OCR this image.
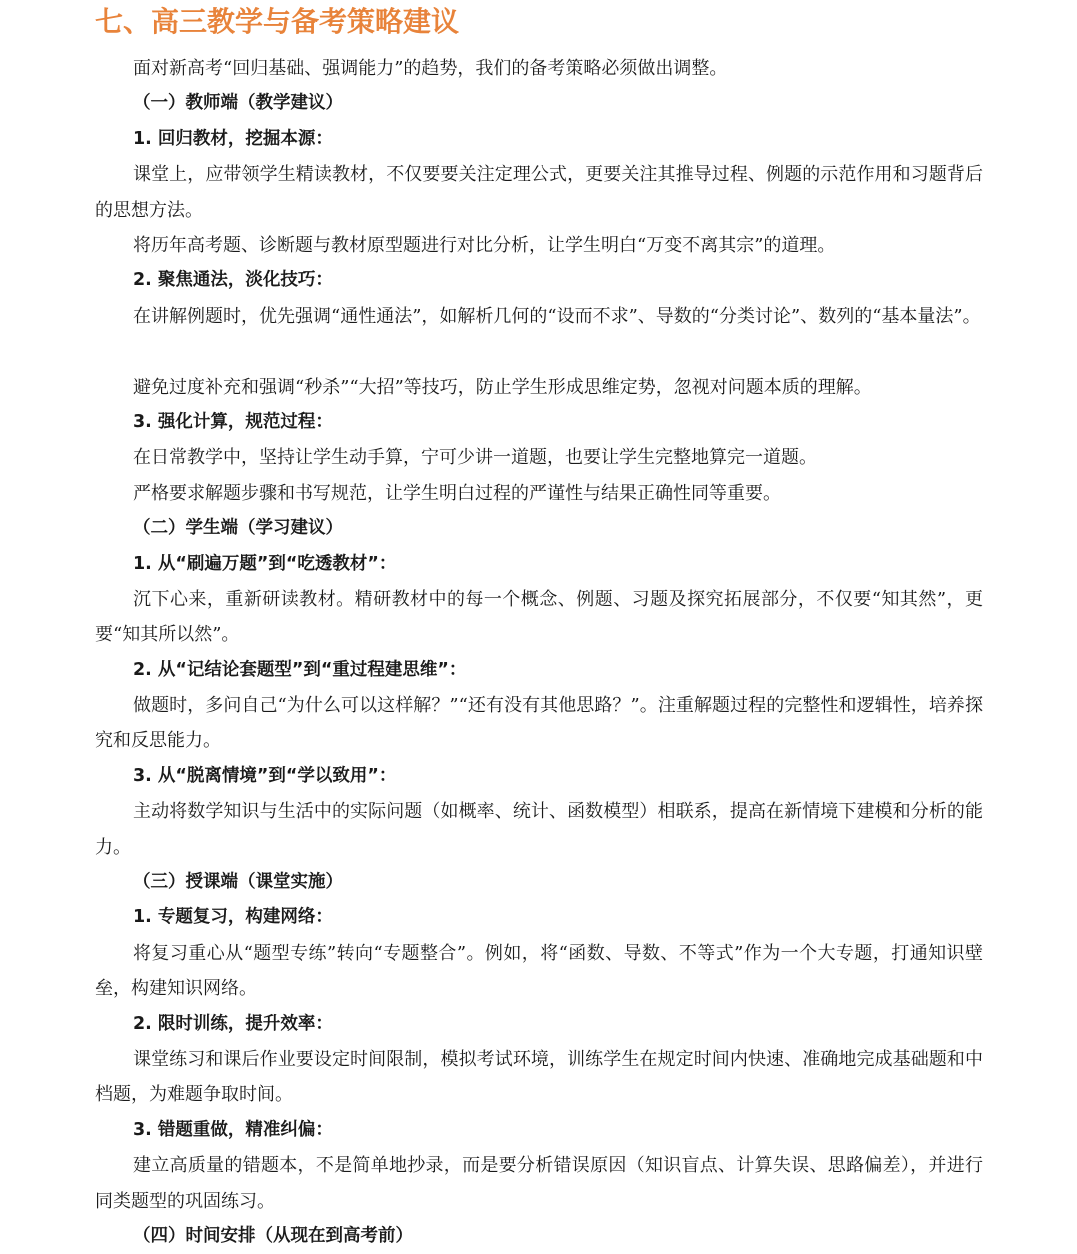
七、高三教学与备考策略建议
面对新高考“回归基础、强调能力”的趋势，我们的备考策略必须做出调整。
（一）教师端（教学建议）
1. 回归教材，挖掘本源：
课堂上，应带领学生精读教材，不仅要要关注定理公式，更要关注其推导过程、例题的示范作用和习题背后的思想方法。
将历年高考题、诊断题与教材原型题进行对比分析，让学生明白“万变不离其宗”的道理。
2. 聚焦通法，淡化技巧：
在讲解例题时，优先强调“通性通法”，如解析几何的“设而不求”、导数的“分类讨论”、数列的“基本量法”。
避免过度补充和强调“秒杀”“大招”等技巧，防止学生形成思维定势，忽视对问题本质的理解。
3. 强化计算，规范过程：
在日常教学中，坚持让学生动手算，宁可少讲一道题，也要让学生完整地算完一道题。
严格要求解题步骤和书写规范，让学生明白过程的严谨性与结果正确性同等重要。
（二）学生端（学习建议）
1. 从“刷遍万题”到“吃透教材”：
沉下心来，重新研读教材。精研教材中的每一个概念、例题、习题及探究拓展部分，不仅要“知其然”，更要“知其所以然”。
2. 从“记结论套题型”到“重过程建思维”：
做题时，多问自己“为什么可以这样解？”“还有没有其他思路？”。注重解题过程的完整性和逻辑性，培养探究和反思能力。
3. 从“脱离情境”到“学以致用”：
主动将数学知识与生活中的实际问题（如概率、统计、函数模型）相联系，提高在新情境下建模和分析的能力。
（三）授课端（课堂实施）
1. 专题复习，构建网络：
将复习重心从“题型专练”转向“专题整合”。例如，将“函数、导数、不等式”作为一个大专题，打通知识壁垒，构建知识网络。
2. 限时训练，提升效率：
课堂练习和课后作业要设定时间限制，模拟考试环境，训练学生在规定时间内快速、准确地完成基础题和中档题，为难题争取时间。
3. 错题重做，精准纠偏：
建立高质量的错题本，不是简单地抄录，而是要分析错误原因（知识盲点、计算失误、思路偏差），并进行同类题型的巩固练习。
（四）时间安排（从现在到高考前）
